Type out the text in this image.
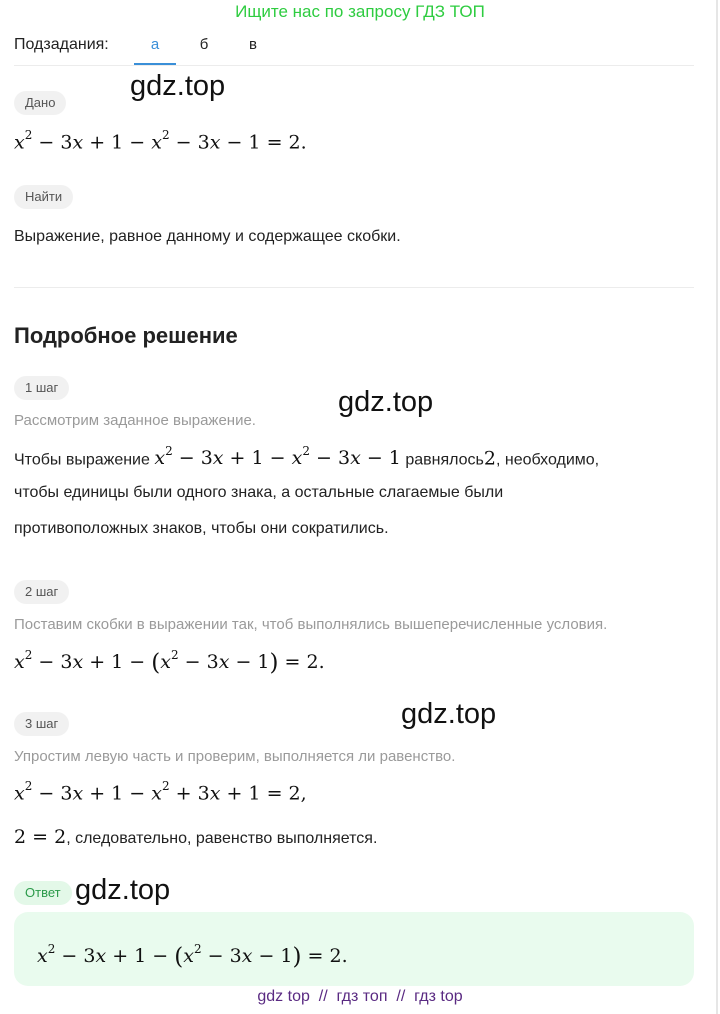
Ищите нас по запросу ГДЗ ТОП
Подзадания:	а	б	в
Дано
$x^2 - 3x + 1 - x^2 - 3x - 1 = 2$.
Найти
Выражение, равное данному и содержащее скобки.
Подробное решение
1 шаг
Рассмотрим заданное выражение.
Чтобы выражение $x^2 - 3x + 1 - x^2 - 3x - 1$ равнялось2, необходимо,
чтобы единицы были одного знака, а остальные слагаемые были
противоположных знаков, чтобы они сократились.
2 шаг
Поставим скобки в выражении так, чтоб выполнялись вышеперечисленные условия.
$x^2 - 3x + 1 - (x^2 - 3x - 1) = 2$.
3 шаг
Упростим левую часть и проверим, выполняется ли равенство.
$x^2 - 3x + 1 - x^2 + 3x + 1 = 2$,
2 = 2, следовательно, равенство выполняется.
Ответ
$x^2 - 3x + 1 - (x^2 - 3x - 1) = 2$.
gdz.top
gdz.top
gdz.top
gdz.top
gdz top  //  гдз топ  //  гдз top
